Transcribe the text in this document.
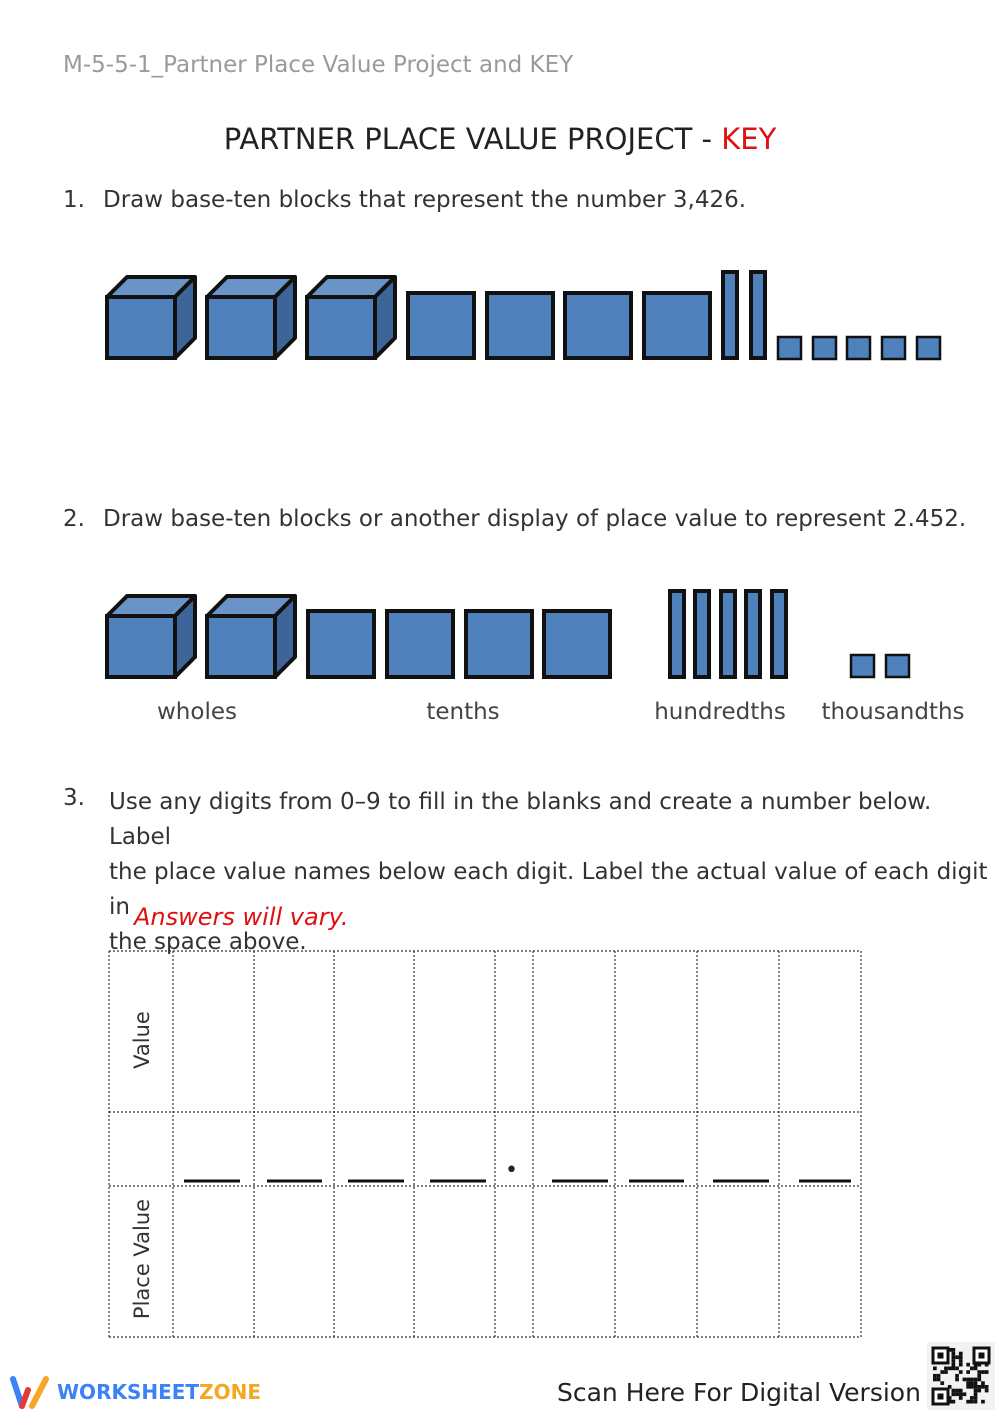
M-5-5-1_Partner Place Value Project and KEY
PARTNER PLACE VALUE PROJECT - KEY
1. Draw base-ten blocks that represent the number 3,426.
2. Draw base-ten blocks or another display of place value to represent 2.452.
wholes	tenths	hundredths	thousandths
3. Use any digits from 0–9 to fill in the blanks and create a number below. Label
the place value names below each digit. Label the actual value of each digit in
the space above.
Answers will vary.
Value
Place Value
•
WORKSHEETZONE	Scan Here For Digital Version
